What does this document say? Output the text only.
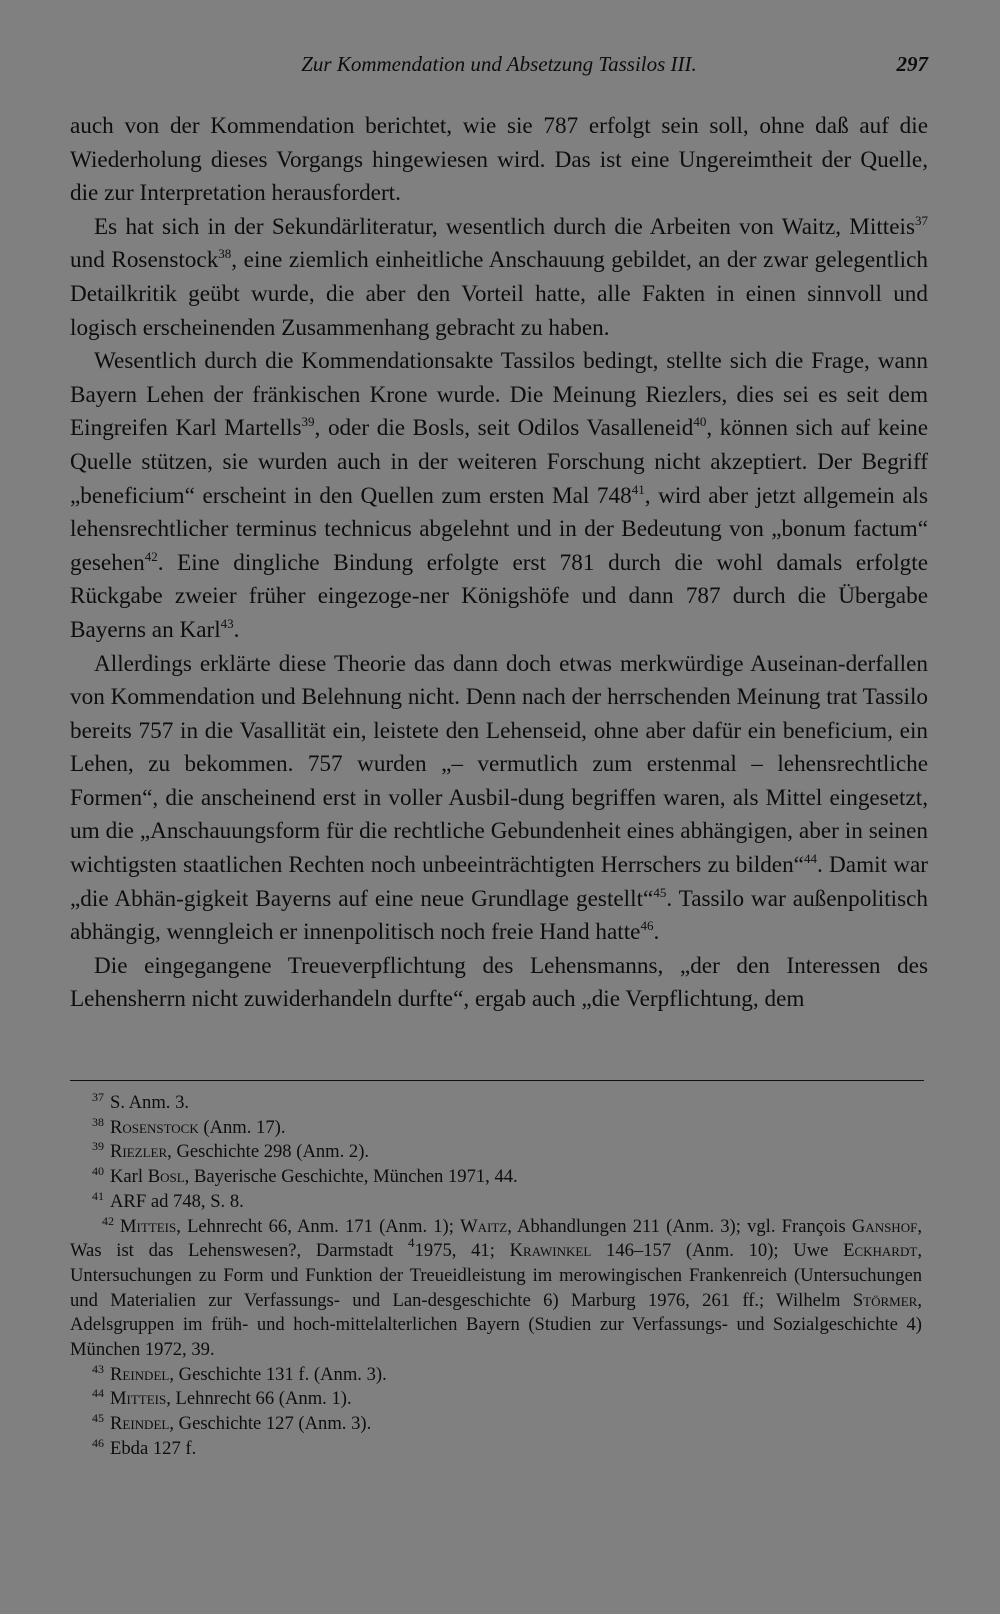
Zur Kommendation und Absetzung Tassilos III.	297

auch von der Kommendation berichtet, wie sie 787 erfolgt sein soll, ohne daß auf die Wiederholung dieses Vorgangs hingewiesen wird. Das ist eine Ungereimtheit der Quelle, die zur Interpretation herausfordert.

Es hat sich in der Sekundärliteratur, wesentlich durch die Arbeiten von Waitz, Mitteis$^{37}$ und Rosenstock$^{38}$, eine ziemlich einheitliche Anschauung gebildet, an der zwar gelegentlich Detailkritik geübt wurde, die aber den Vorteil hatte, alle Fakten in einen sinnvoll und logisch erscheinenden Zusammenhang gebracht zu haben.

Wesentlich durch die Kommendationsakte Tassilos bedingt, stellte sich die Frage, wann Bayern Lehen der fränkischen Krone wurde. Die Meinung Riezlers, dies sei es seit dem Eingreifen Karl Martells$^{39}$, oder die Bosls, seit Odilos Vasalleneid$^{40}$, können sich auf keine Quelle stützen, sie wurden auch in der weiteren Forschung nicht akzeptiert. Der Begriff „beneficium“ erscheint in den Quellen zum ersten Mal $748^{41}$, wird aber jetzt allgemein als lehensrechtlicher terminus technicus abgelehnt und in der Bedeutung von „bonum factum“ gesehen$^{42}$. Eine dingliche Bindung erfolgte erst 781 durch die wohl damals erfolgte Rückgabe zweier früher eingezoge-ner Königshöfe und dann 787 durch die Übergabe Bayerns an Karl$^{43}$.

Allerdings erklärte diese Theorie das dann doch etwas merkwürdige Auseinan-derfallen von Kommendation und Belehnung nicht. Denn nach der herrschenden Meinung trat Tassilo bereits 757 in die Vasallität ein, leistete den Lehenseid, ohne aber dafür ein beneficium, ein Lehen, zu bekommen. 757 wurden „– vermutlich zum erstenmal – lehensrechtliche Formen“, die anscheinend erst in voller Ausbil-dung begriffen waren, als Mittel eingesetzt, um die „Anschauungsform für die rechtliche Gebundenheit eines abhängigen, aber in seinen wichtigsten staatlichen Rechten noch unbeeinträchtigten Herrschers zu bilden“$^{44}$. Damit war „die Abhän-gigkeit Bayerns auf eine neue Grundlage gestellt“$^{45}$. Tassilo war außenpolitisch abhängig, wenngleich er innenpolitisch noch freie Hand hatte$^{46}$.

Die eingegangene Treueverpflichtung des Lehensmanns, „der den Interessen des Lehensherrn nicht zuwiderhandeln durfte“, ergab auch „die Verpflichtung, dem

37 S. Anm. 3.

38 Rosenstock (Anm. 17).

39 Riezler, Geschichte 298 (Anm. 2).

40 Karl Bosl, Bayerische Geschichte, München 1971, 44.

41 ARF ad 748, S. 8.

42 Mitteis, Lehnrecht 66, Anm. 171 (Anm. 1); Waitz, Abhandlungen 211 (Anm. 3); vgl. François Ganshof, Was ist das Lehenswesen?, Darmstadt $^4$1975, 41; Krawinkel 146–157 (Anm. 10); Uwe Eckhardt, Untersuchungen zu Form und Funktion der Treueidleistung im merowingischen Frankenreich (Untersuchungen und Materialien zur Verfassungs- und Lan-desgeschichte 6) Marburg 1976, 261 ff.; Wilhelm Störmer, Adelsgruppen im früh- und hoch-mittelalterlichen Bayern (Studien zur Verfassungs- und Sozialgeschichte 4) München 1972, 39.

43 Reindel, Geschichte 131 f. (Anm. 3).

44 Mitteis, Lehnrecht 66 (Anm. 1).

45 Reindel, Geschichte 127 (Anm. 3).

46 Ebda 127 f.
